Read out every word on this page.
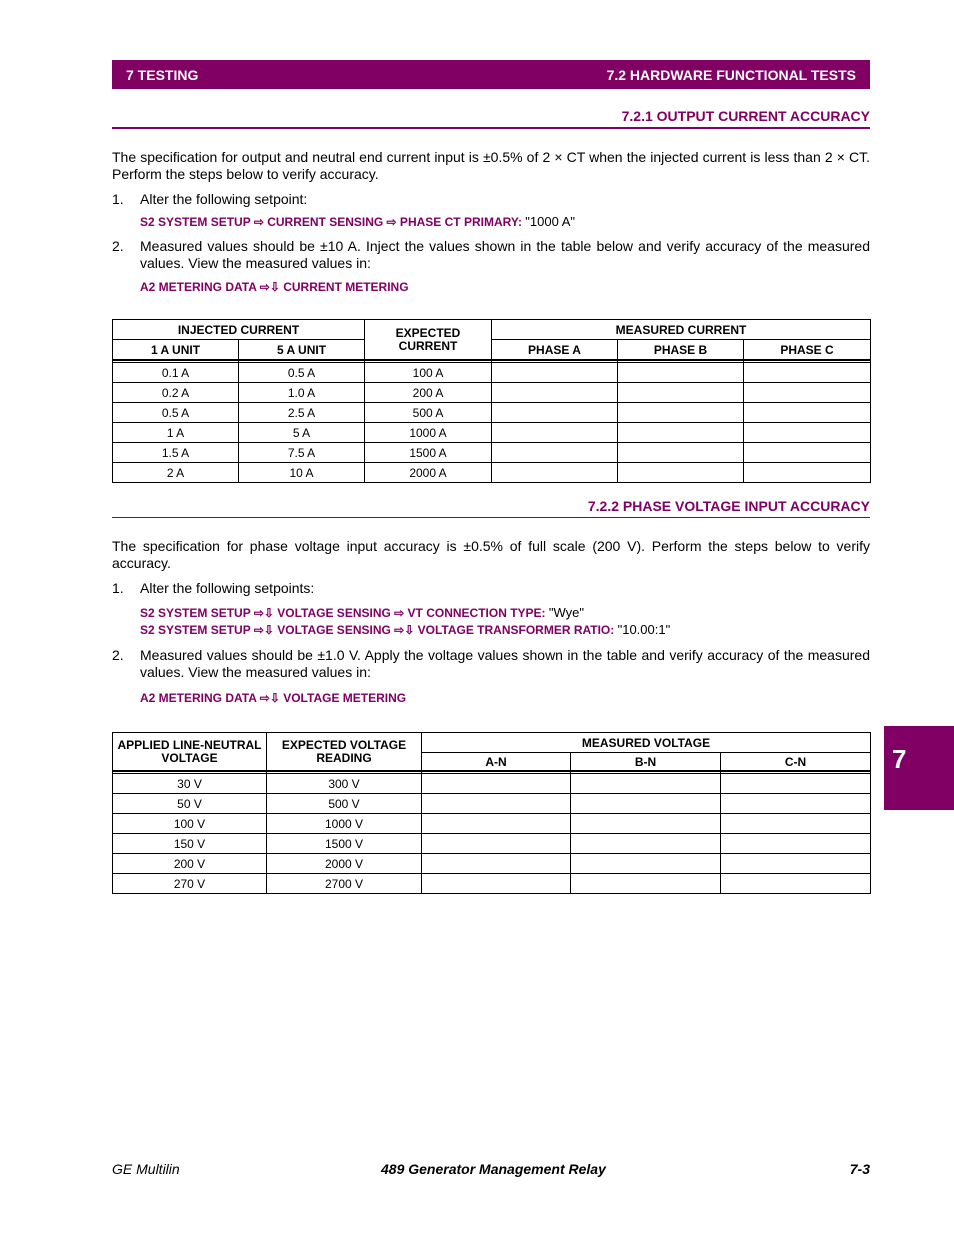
7 TESTING	7.2 HARDWARE FUNCTIONAL TESTS
7.2.1 OUTPUT CURRENT ACCURACY

The specification for output and neutral end current input is ±0.5% of 2 × CT when the injected current is less than 2 × CT. Perform the steps below to verify accuracy.

1. Alter the following setpoint:
S2 SYSTEM SETUP ⇨ CURRENT SENSING ⇨ PHASE CT PRIMARY: "1000 A"
2. Measured values should be ±10 A. Inject the values shown in the table below and verify accuracy of the measured values. View the measured values in:
A2 METERING DATA ⇨⇩ CURRENT METERING
INJECTED CURRENT		EXPECTED CURRENT	MEASURED CURRENT		
1 A UNIT	5 A UNIT		PHASE A	PHASE B	PHASE C

0.1 A	0.5 A	100 A			
0.2 A	1.0 A	200 A			
0.5 A	2.5 A	500 A			
1 A	5 A	1000 A			
1.5 A	7.5 A	1500 A			
2 A	10 A	2000 A			
7.2.2 PHASE VOLTAGE INPUT ACCURACY

The specification for phase voltage input accuracy is ±0.5% of full scale (200 V). Perform the steps below to verify accuracy.

1. Alter the following setpoints:
S2 SYSTEM SETUP ⇨⇩ VOLTAGE SENSING ⇨ VT CONNECTION TYPE: "Wye"
S2 SYSTEM SETUP ⇨⇩ VOLTAGE SENSING ⇨⇩ VOLTAGE TRANSFORMER RATIO: "10.00:1"
2. Measured values should be ±1.0 V. Apply the voltage values shown in the table and verify accuracy of the measured values. View the measured values in:
A2 METERING DATA ⇨⇩ VOLTAGE METERING
APPLIED LINE-NEUTRAL VOLTAGE	EXPECTED VOLTAGE READING	MEASURED VOLTAGE		
		A-N	B-N	C-N

30 V	300 V			
50 V	500 V			
100 V	1000 V			
150 V	1500 V			
200 V	2000 V			
270 V	2700 V			
7
GE Multilin	489 Generator Management Relay	7-3
